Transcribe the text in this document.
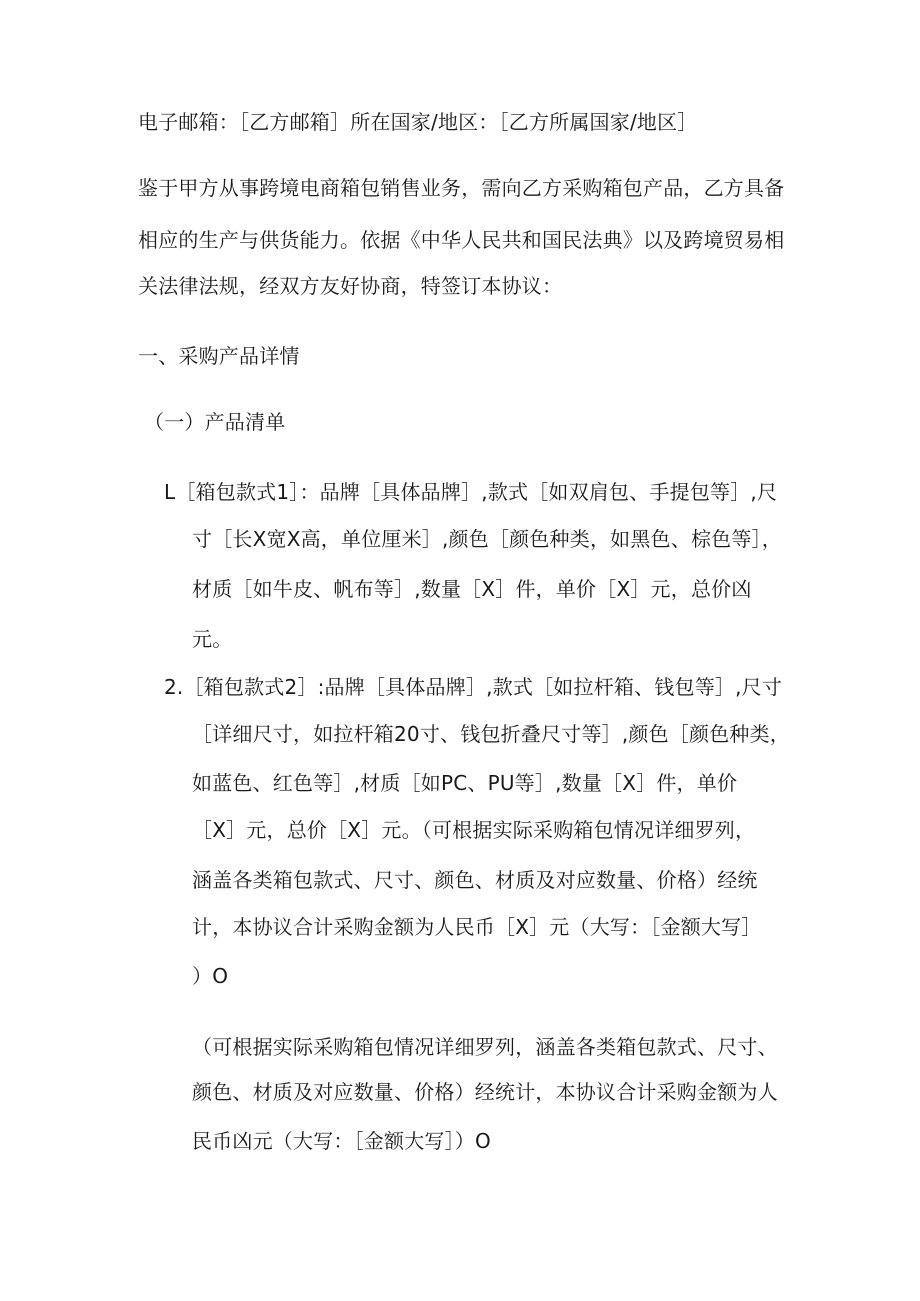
电子邮箱：［乙方邮箱］所在国家/地区：［乙方所属国家/地区］
鉴于甲方从事跨境电商箱包销售业务，需向乙方采购箱包产品，乙方具备
相应的生产与供货能力。依据《中华人民共和国民法典》以及跨境贸易相
关法律法规，经双方友好协商，特签订本协议：
一、采购产品详情
（一）产品清单
L［箱包款式1］：品牌［具体品牌］,款式［如双肩包、手提包等］,尺
寸［长X宽X高，单位厘米］,颜色［颜色种类，如黑色、棕色等］，
材质［如牛皮、帆布等］,数量［X］件，单价［X］元，总价凶
元。
2.［箱包款式2］:品牌［具体品牌］,款式［如拉杆箱、钱包等］,尺寸
［详细尺寸，如拉杆箱20寸、钱包折叠尺寸等］,颜色［颜色种类，
如蓝色、红色等］,材质［如PC、PU等］,数量［X］件，单价
［X］元，总价［X］元。（可根据实际采购箱包情况详细罗列，
涵盖各类箱包款式、尺寸、颜色、材质及对应数量、价格）经统
计，本协议合计采购金额为人民币［X］元（大写：［金额大写］
）O
（可根据实际采购箱包情况详细罗列，涵盖各类箱包款式、尺寸、
颜色、材质及对应数量、价格）经统计，本协议合计采购金额为人
民币凶元（大写：［金额大写］）O
